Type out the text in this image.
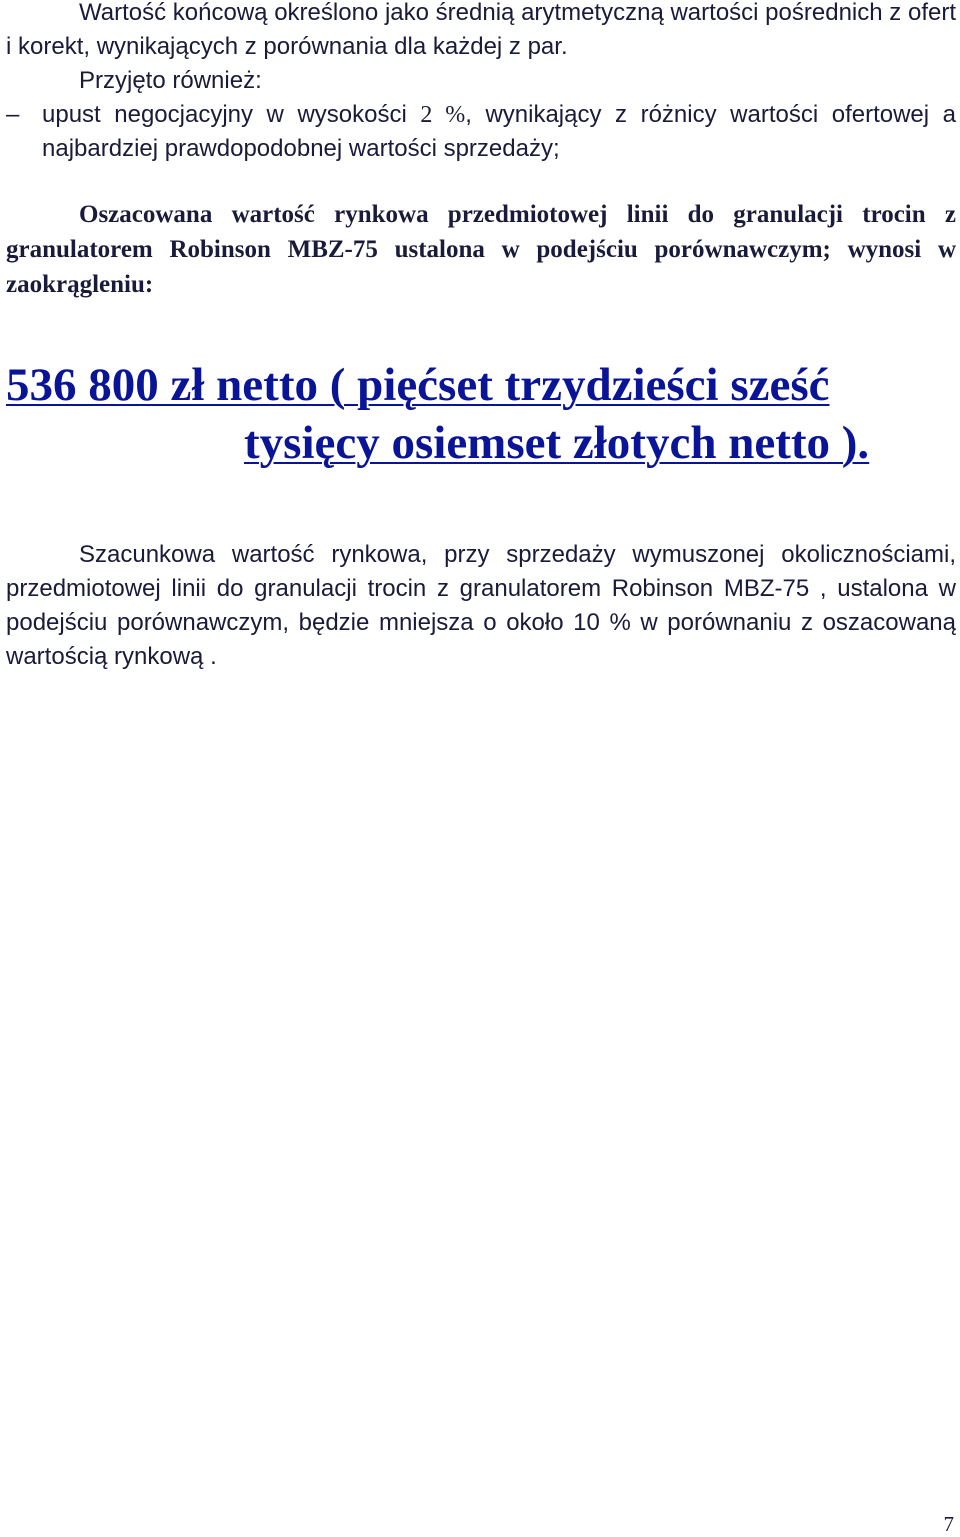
Wartość końcową określono jako średnią arytmetyczną wartości pośrednich z ofert i korekt, wynikających z porównania dla każdej z par.

Przyjęto również:

– upust negocjacyjny w wysokości 2 %, wynikający z różnicy wartości ofertowej a najbardziej prawdopodobnej wartości sprzedaży;

Oszacowana wartość rynkowa przedmiotowej linii do granulacji trocin z granulatorem Robinson MBZ-75 ustalona w podejściu porównawczym; wynosi w zaokrągleniu:

536 800 zł netto ( pięćset trzydzieści sześć
tysięcy osiemset złotych netto ).

Szacunkowa wartość rynkowa, przy sprzedaży wymuszonej okolicznościami, przedmiotowej linii do granulacji trocin z granulatorem Robinson MBZ-75 , ustalona w podejściu porównawczym, będzie mniejsza o około 10 % w porównaniu z oszacowaną wartością rynkową .

7
